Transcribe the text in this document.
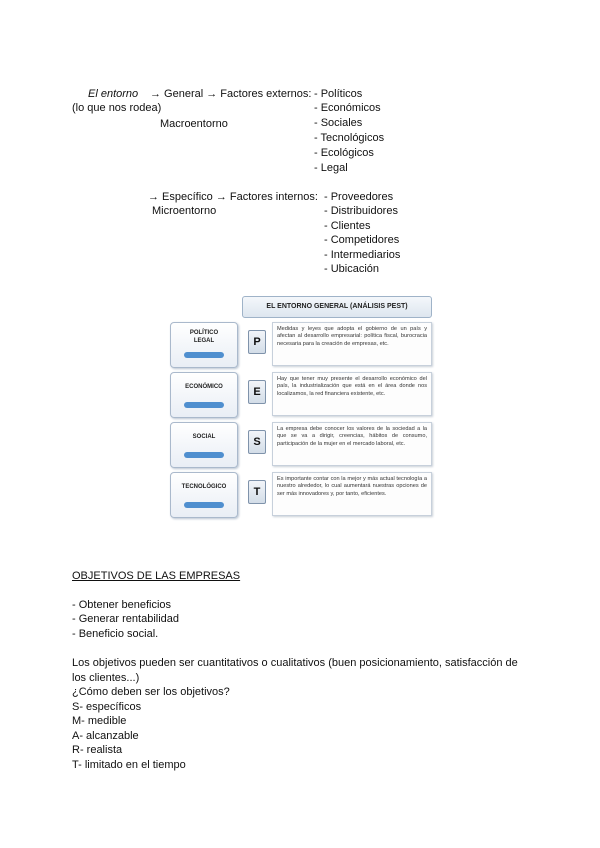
El entorno → General → Factores externos:
(lo que nos rodea)
Macroentorno
- Políticos
- Económicos
- Sociales
- Tecnológicos
- Ecológicos
- Legal
→ Específico → Factores internos:
Microentorno
- Proveedores
- Distribuidores
- Clientes
- Competidores
- Intermediarios
- Ubicación
EL ENTORNO GENERAL (ANÁLISIS PEST)
POLÍTICO LEGAL	P
Medidas y leyes que adopta el gobierno de un país y afectan al desarrollo empresarial: política fiscal, burocracia necesaria para la creación de empresas, etc.
ECONÓMICO	E
Hay que tener muy presente el desarrollo económico del país, la industrialización que está en el área donde nos localizamos, la red financiera existente, etc.
SOCIAL	S
La empresa debe conocer los valores de la sociedad a la que se va a dirigir, creencias, hábitos de consumo, participación de la mujer en el mercado laboral, etc.
TECNOLÓGICO	T
Es importante contar con la mejor y más actual tecnología a nuestro alrededor, lo cual aumentará nuestras opciones de ser más innovadores y, por tanto, eficientes.
OBJETIVOS DE LAS EMPRESAS
- Obtener beneficios
- Generar rentabilidad
- Beneficio social.
Los objetivos pueden ser cuantitativos o cualitativos (buen posicionamiento, satisfacción de
los clientes...)
¿Cómo deben ser los objetivos?
S- específicos
M- medible
A- alcanzable
R- realista
T- limitado en el tiempo
